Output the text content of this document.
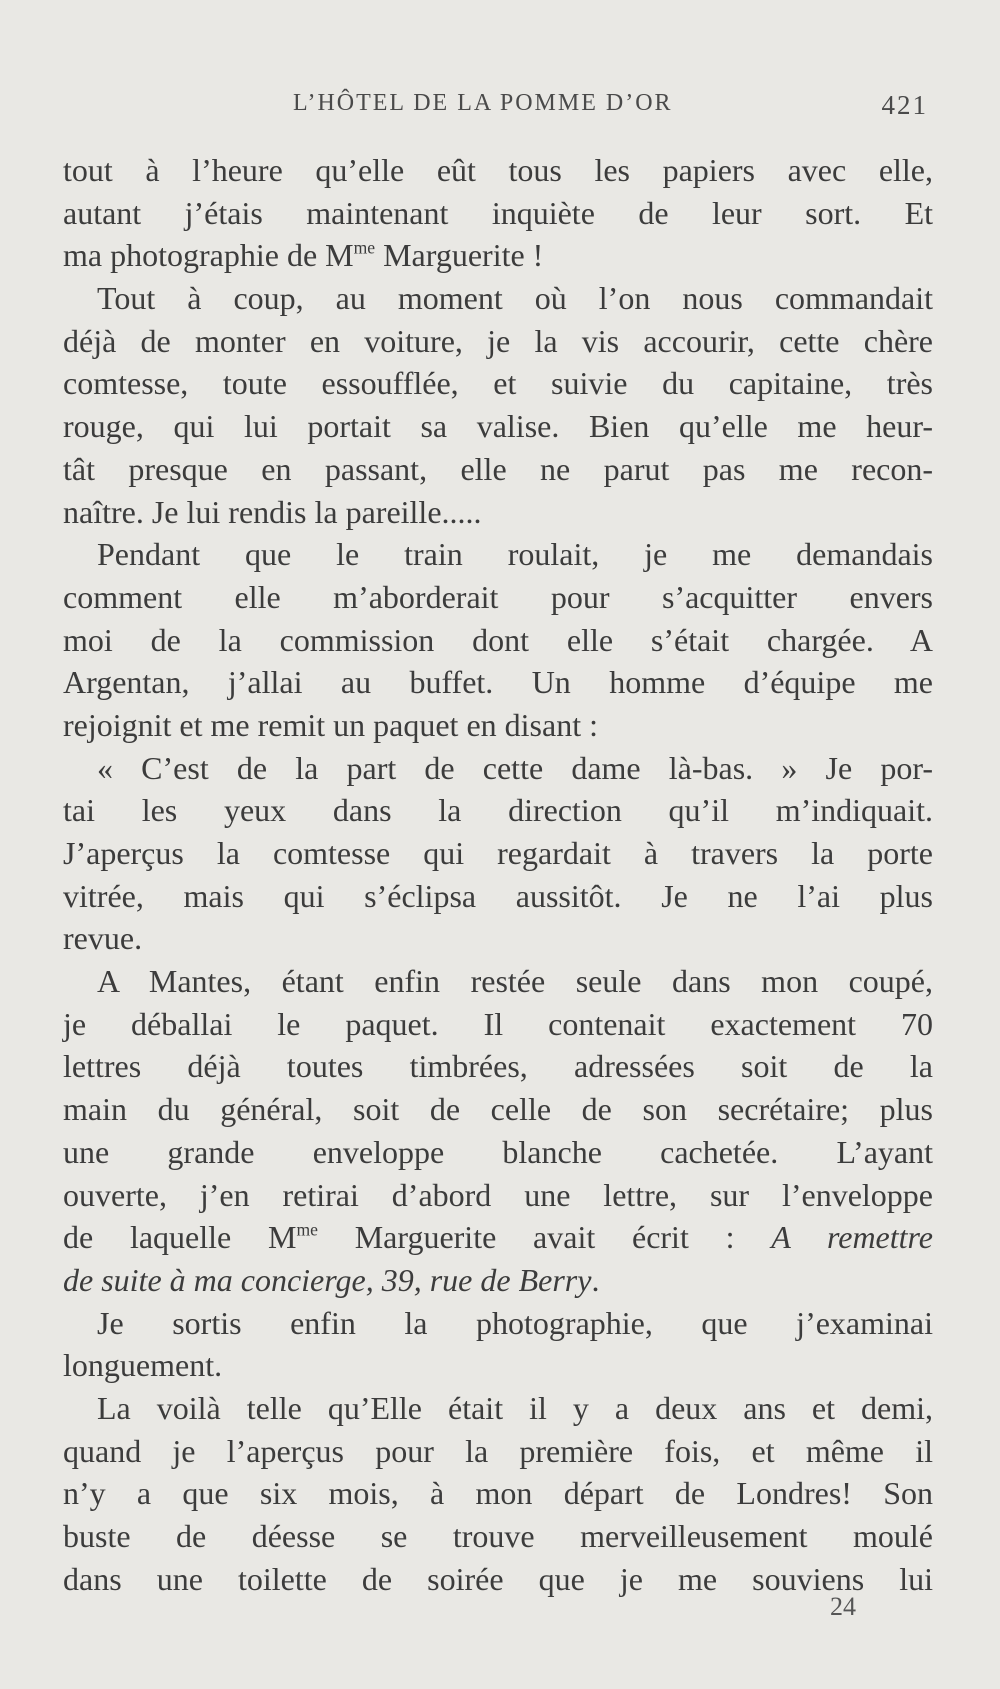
L’HÔTEL DE LA POMME D’OR	421
tout à l’heure qu’elle eût tous les papiers avec elle,
autant j’étais maintenant inquiète de leur sort. Et
ma photographie de $M^{me}$ Marguerite !
Tout à coup, au moment où l’on nous commandait
déjà de monter en voiture, je la vis accourir, cette chère
comtesse, toute essoufflée, et suivie du capitaine, très
rouge, qui lui portait sa valise. Bien qu’elle me heur-
tât presque en passant, elle ne parut pas me recon-
naître. Je lui rendis la pareille.....
Pendant que le train roulait, je me demandais
comment elle m’aborderait pour s’acquitter envers
moi de la commission dont elle s’était chargée. A
Argentan, j’allai au buffet. Un homme d’équipe me
rejoignit et me remit un paquet en disant :
« C’est de la part de cette dame là-bas. » Je por-
tai les yeux dans la direction qu’il m’indiquait.
J’aperçus la comtesse qui regardait à travers la porte
vitrée, mais qui s’éclipsa aussitôt. Je ne l’ai plus
revue.
A Mantes, étant enfin restée seule dans mon coupé,
je déballai le paquet. Il contenait exactement 70
lettres déjà toutes timbrées, adressées soit de la
main du général, soit de celle de son secrétaire; plus
une grande enveloppe blanche cachetée. L’ayant
ouverte, j’en retirai d’abord une lettre, sur l’enveloppe
de laquelle $M^{me}$ Marguerite avait écrit : A remettre
de suite à ma concierge, 39, rue de Berry.
Je sortis enfin la photographie, que j’examinai
longuement.
La voilà telle qu’Elle était il y a deux ans et demi,
quand je l’aperçus pour la première fois, et même il
n’y a que six mois, à mon départ de Londres! Son
buste de déesse se trouve merveilleusement moulé
dans une toilette de soirée que je me souviens lui
24
